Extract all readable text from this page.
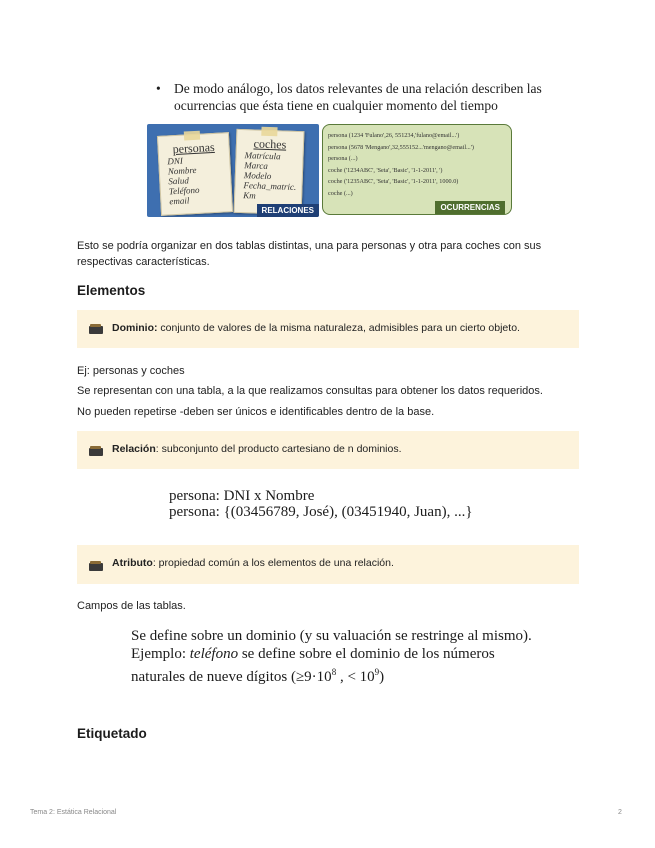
• De modo análogo, los datos relevantes de una relación describen las ocurrencias que ésta tiene en cualquier momento del tiempo
personas
DNI
Nombre
Salud
Teléfono
email
coches
Matrícula
Marca
Modelo
Fecha_matric.
Km
RELACIONES
persona (1234 'Fulano',26, 551234,'fulano@email...')
persona (5678 'Mengano',32,555152...'mengano@email...')
persona (...)
coche ('1234ABC', 'Seta', 'Basic', '1-1-2011', ')
coche ('1235ABC', 'Seta', 'Basic', '1-1-2011', 1000.0)
coche (...)
OCURRENCIAS
Esto se podría organizar en dos tablas distintas, una para personas y otra para coches con sus respectivas características.
Elementos
Dominio: conjunto de valores de la misma naturaleza, admisibles para un cierto objeto.
Ej: personas y coches
Se representan con una tabla, a la que realizamos consultas para obtener los datos requeridos.
No pueden repetirse -deben ser únicos e identificables dentro de la base.
Relación: subconjunto del producto cartesiano de n dominios.
persona: DNI x Nombre
persona: {(03456789, José), (03451940, Juan), ...}
Atributo: propiedad común a los elementos de una relación.
Campos de las tablas.
Se define sobre un dominio (y su valuación se restringe al mismo).
Ejemplo: teléfono se define sobre el dominio de los números
naturales de nueve dígitos ($\ge 9\cdot 10^8$ , < $10^9$)
Etiquetado
Tema 2: Estática Relacional	2
